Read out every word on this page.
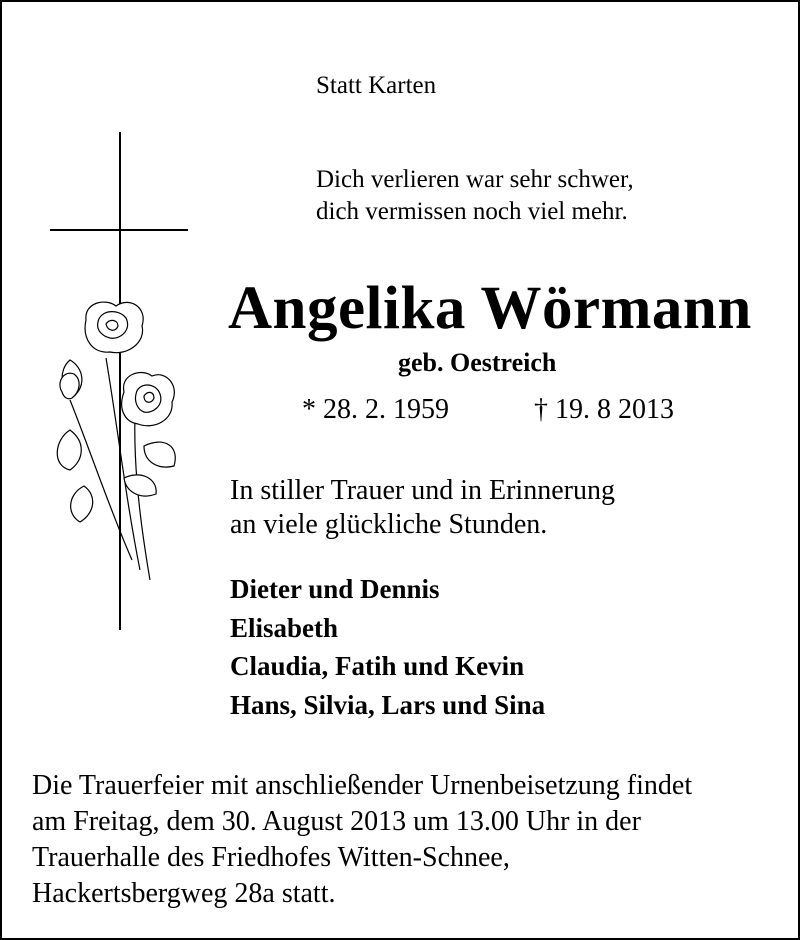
Statt Karten
Dich verlieren war sehr schwer,
dich vermissen noch viel mehr.
Angelika Wörmann
geb. Oestreich
* 28. 2. 1959	† 19. 8 2013
In stiller Trauer und in Erinnerung
an viele glückliche Stunden.
Dieter und Dennis
Elisabeth
Claudia, Fatih und Kevin
Hans, Silvia, Lars und Sina
Die Trauerfeier mit anschließender Urnenbeisetzung findet
am Freitag, dem 30. August 2013 um 13.00 Uhr in der
Trauerhalle des Friedhofes Witten-Schnee,
Hackertsbergweg 28a statt.
